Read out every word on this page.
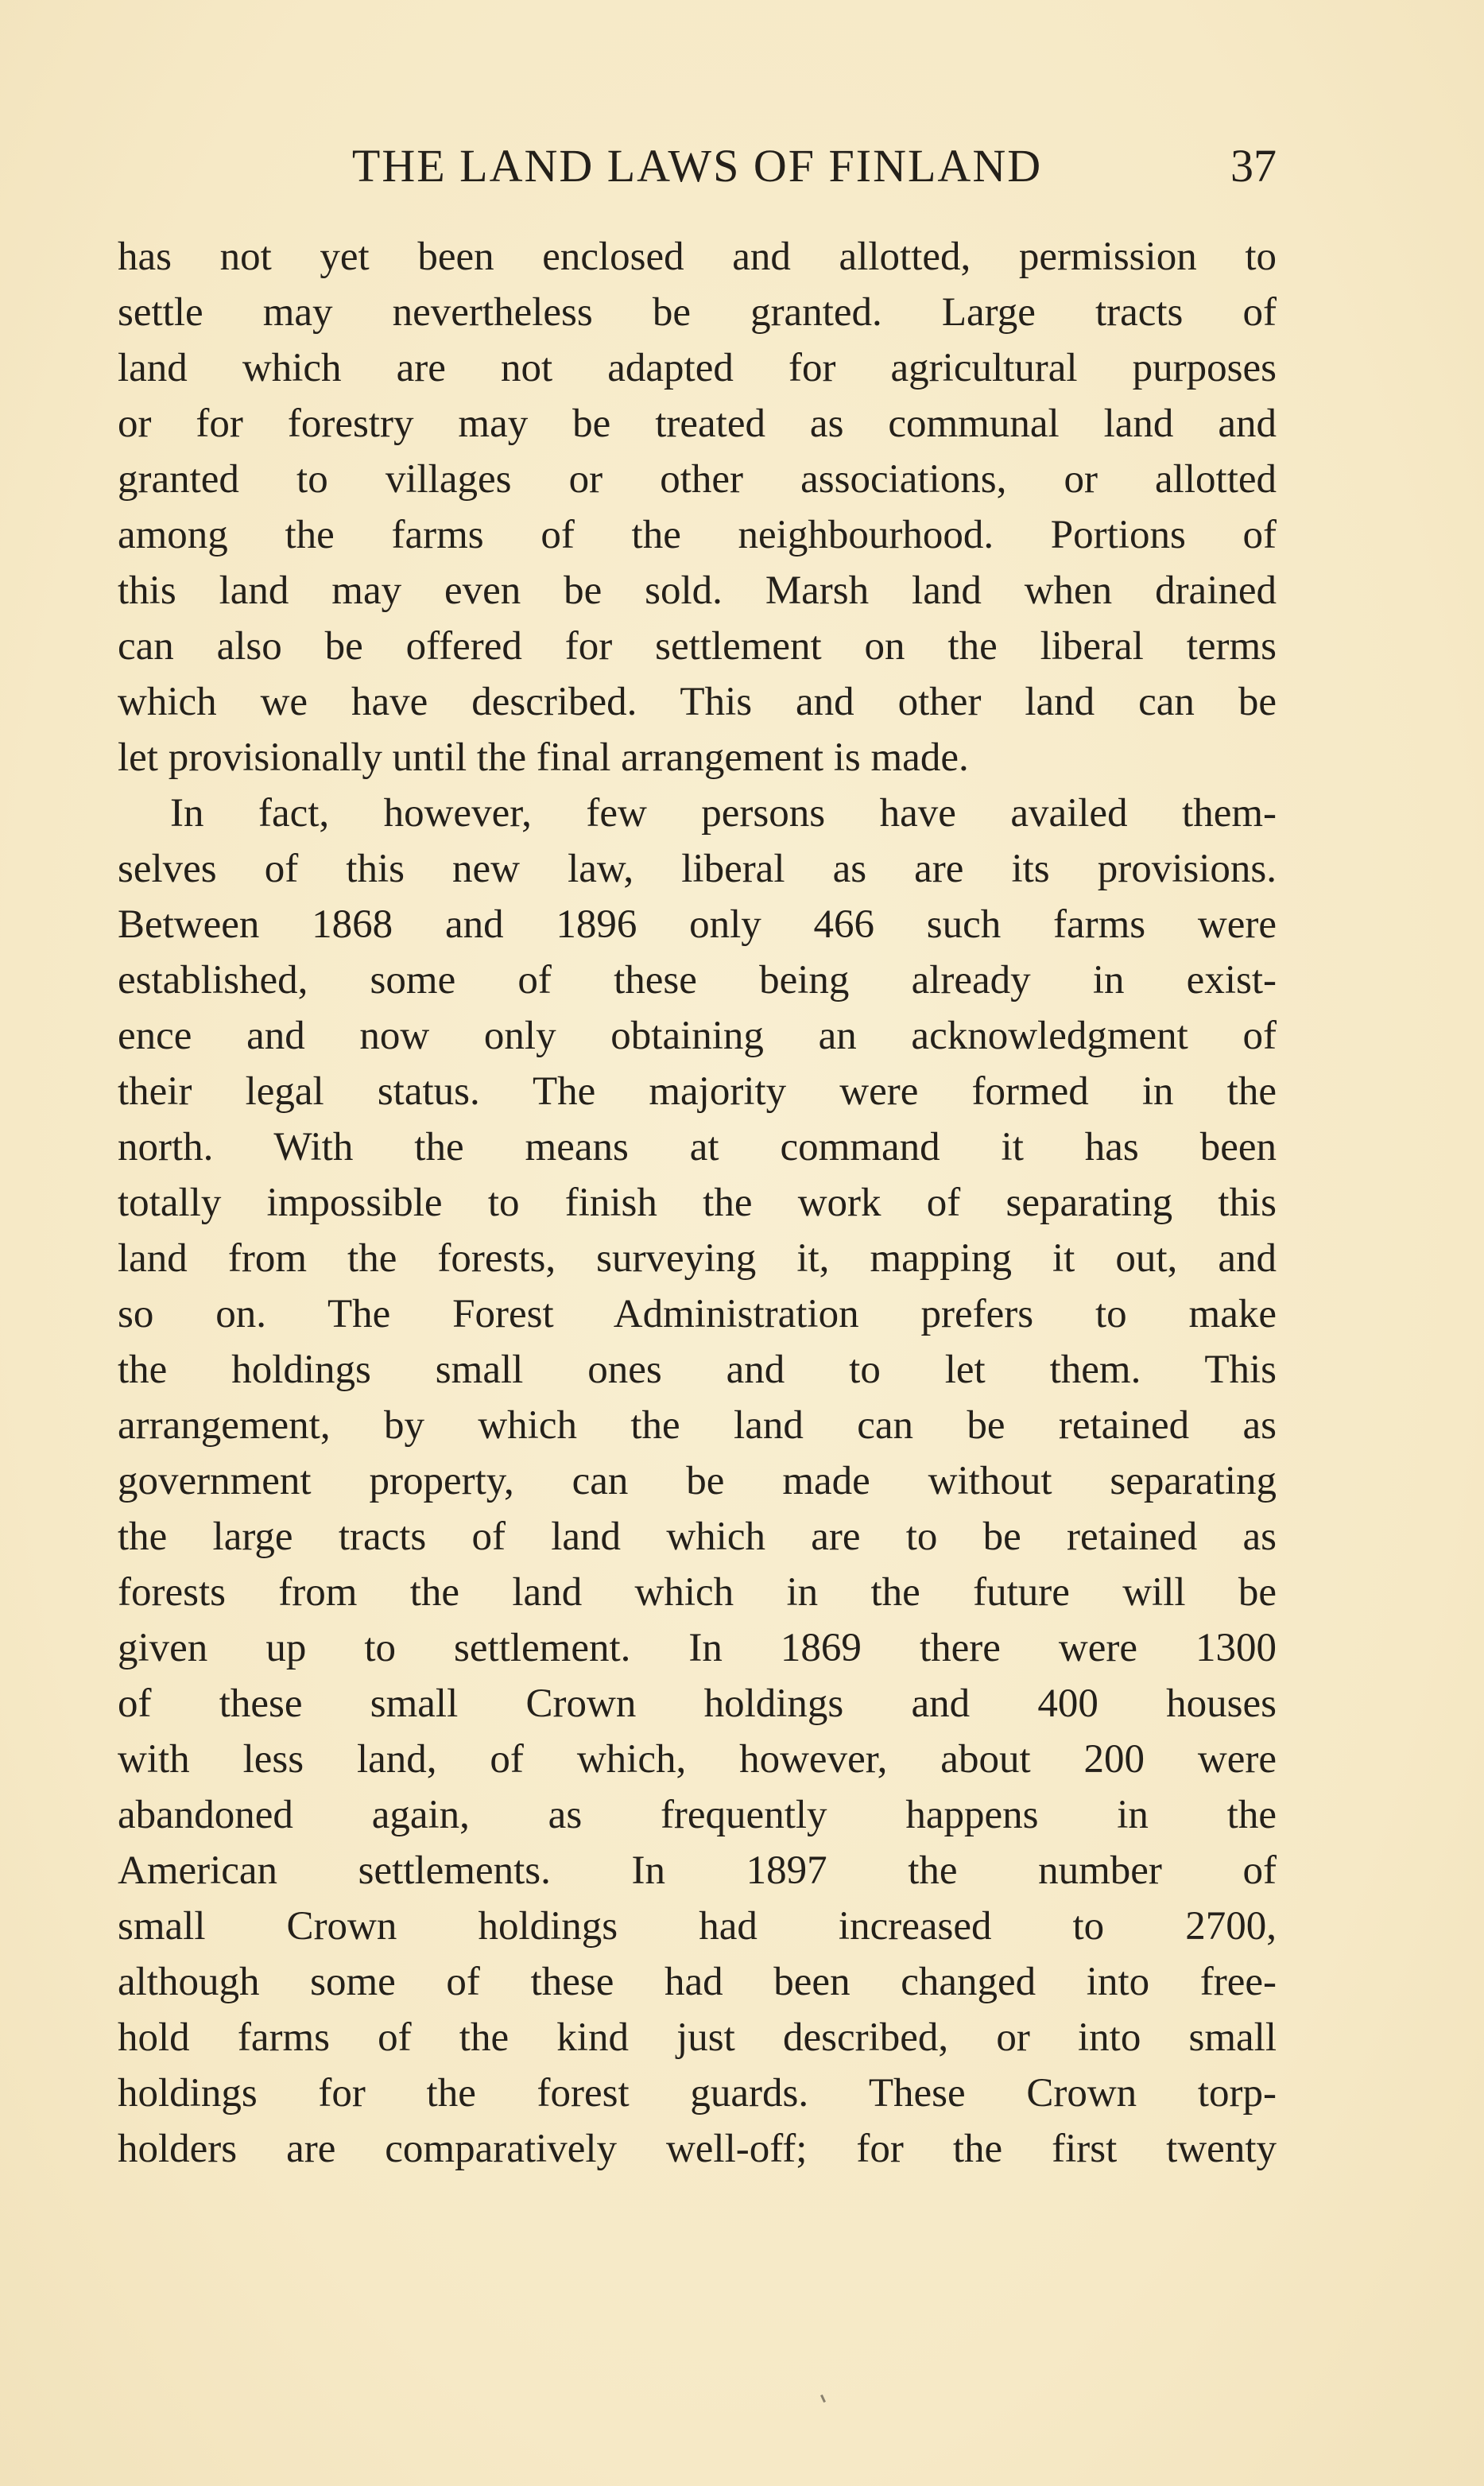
THE LAND LAWS OF FINLAND	37
has not yet been enclosed and allotted, permission to
settle may nevertheless be granted. Large tracts of
land which are not adapted for agricultural purposes
or for forestry may be treated as communal land and
granted to villages or other associations, or allotted
among the farms of the neighbourhood. Portions of
this land may even be sold. Marsh land when drained
can also be offered for settlement on the liberal terms
which we have described. This and other land can be
let provisionally until the final arrangement is made.
In fact, however, few persons have availed them-
selves of this new law, liberal as are its provisions.
Between 1868 and 1896 only 466 such farms were
established, some of these being already in exist-
ence and now only obtaining an acknowledgment of
their legal status. The majority were formed in the
north. With the means at command it has been
totally impossible to finish the work of separating this
land from the forests, surveying it, mapping it out, and
so on. The Forest Administration prefers to make
the holdings small ones and to let them. This
arrangement, by which the land can be retained as
government property, can be made without separating
the large tracts of land which are to be retained as
forests from the land which in the future will be
given up to settlement. In 1869 there were 1300
of these small Crown holdings and 400 houses
with less land, of which, however, about 200 were
abandoned again, as frequently happens in the
American settlements. In 1897 the number of
small Crown holdings had increased to 2700,
although some of these had been changed into free-
hold farms of the kind just described, or into small
holdings for the forest guards. These Crown torp-
holders are comparatively well-off; for the first twenty
